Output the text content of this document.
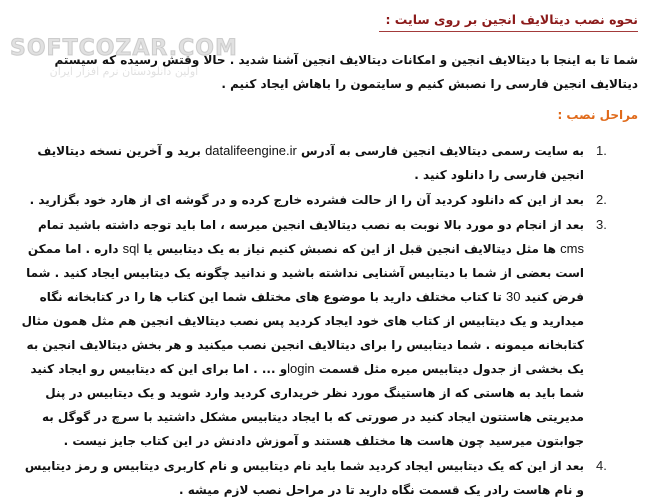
نحوه نصب دیتالایف انجین بر روی سایت :

شما تا به اینجا با دیتالایف انجین و امکانات دیتالایف انجین آشنا شدید . حالا وقتش رسیده که سیستم دیتالایف انجین فارسی را نصبش کنیم و سایتمون را باهاش ایجاد کنیم .

مراحل نصب :
1.
به سایت رسمی دیتالایف انجین فارسی به آدرس datalifeengine.ir برید و آخرین نسخه دیتالایف انجین فارسی را دانلود کنید .
2.
بعد از این که دانلود کردید آن را از حالت فشرده خارج کرده و در گوشه ای از هارد خود بگزارید .
3.
بعد از انجام دو مورد بالا نوبت به نصب دیتالایف انجین میرسه ، اما باید توجه داشته باشید تمام cms ها مثل دیتالایف انجین قبل از این که نصبش کنیم نیاز به یک دیتابیس یا sql داره . اما ممکن است بعضی از شما با دیتابیس آشنایی نداشته باشید و ندانید چگونه یک دیتابیس ایجاد کنید . شما فرض کنید 30 تا کتاب مختلف دارید با موضوع های مختلف شما این کتاب ها را در کتابخانه نگاه میدارید و یک دیتابیس از کتاب های خود ایجاد کردید پس نصب دیتالایف انجین هم مثل همون مثال کتابخانه میمونه . شما دیتابیس را برای دیتالایف انجین نصب میکنید و هر بخش دیتالایف انجین به یک بخشی از جدول دیتابیس میره مثل قسمت loginو ... . اما برای این که دیتابیس رو ایجاد کنید شما باید به هاستی که از هاستینگ مورد نظر خریداری کردید وارد شوید و یک دیتابیس در پنل مدیریتی هاستتون ایجاد کنید در صورتی که با ایجاد دیتابیس مشکل داشتید با سرچ در گوگل به جوابتون میرسید چون هاست ها مختلف هستند و آموزش دادنش در این کتاب جایز نیست .
4.
بعد از این که یک دیتابیس ایجاد کردید شما باید نام دیتابیس و نام کاربری دیتابیس و رمز دیتابیس و نام هاست رادر یک قسمت نگاه دارید تا در مراحل نصب لازم میشه .
SOFTCOZAR.COM
اولین دانلودستان نرم افزار ایران
